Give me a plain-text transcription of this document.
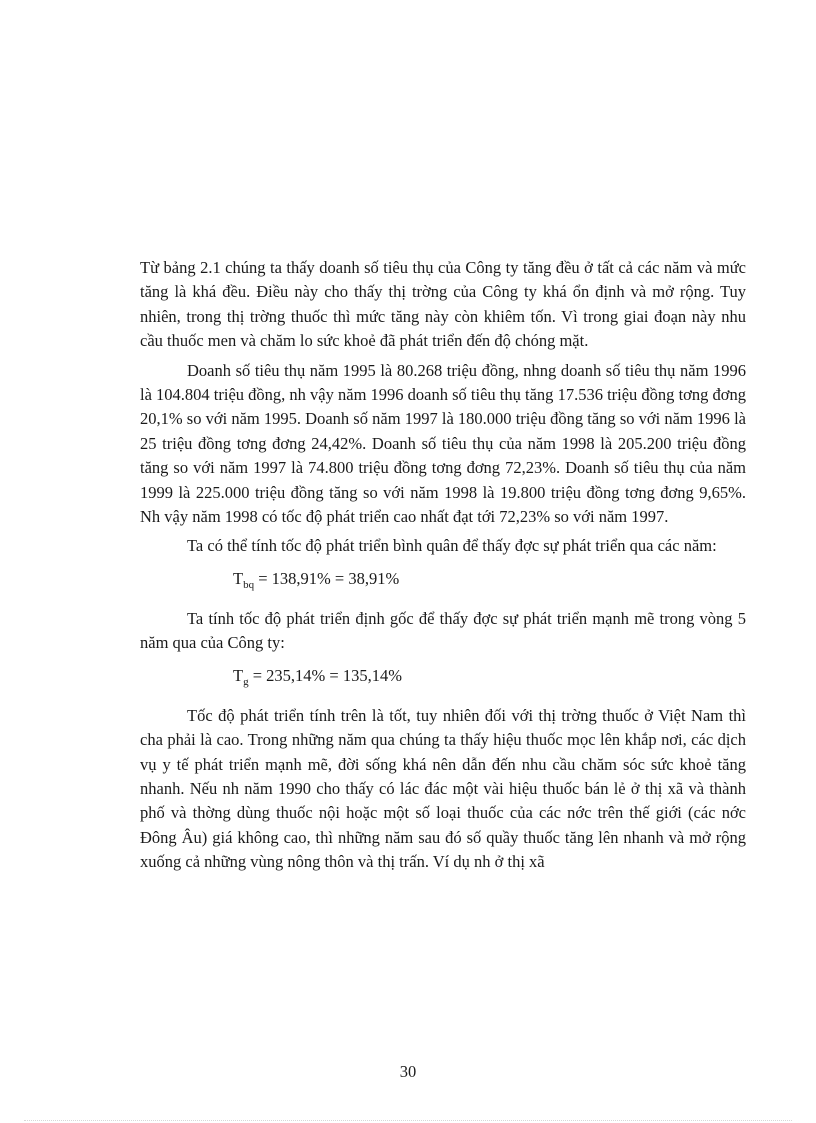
Từ bảng 2.1 chúng ta thấy doanh số tiêu thụ của Công ty tăng đều ở tất cả các năm và mức tăng là khá đều. Điều này cho thấy thị trờng của Công ty khá ổn định và mở rộng. Tuy nhiên, trong thị trờng thuốc thì mức tăng này còn khiêm tốn. Vì trong giai đoạn này nhu cầu thuốc men và chăm lo sức khoẻ đã phát triển đến độ chóng mặt.

Doanh số tiêu thụ năm 1995 là 80.268 triệu đồng, nhng doanh số tiêu thụ năm 1996 là 104.804 triệu đồng, nh vậy năm 1996 doanh số tiêu thụ tăng 17.536 triệu đồng tơng đơng 20,1% so với năm 1995. Doanh số năm 1997 là 180.000 triệu đồng tăng so với năm 1996 là 25 triệu đồng tơng đơng 24,42%. Doanh số tiêu thụ của năm 1998 là 205.200 triệu đồng tăng so với năm 1997 là 74.800 triệu đồng tơng đơng 72,23%. Doanh số tiêu thụ của năm 1999 là 225.000 triệu đồng tăng so với năm 1998 là 19.800 triệu đồng tơng đơng 9,65%. Nh vậy năm 1998 có tốc độ phát triển cao nhất đạt tới 72,23% so với năm 1997.

Ta có thể tính tốc độ phát triển bình quân để thấy đợc sự phát triển qua các năm:

$T_{bq} = 138,91\% = 38,91\%$

Ta tính tốc độ phát triển định gốc để thấy đợc sự phát triển mạnh mẽ trong vòng 5 năm qua của Công ty:

$T_g = 235,14\% = 135,14\%$

Tốc độ phát triển tính trên là tốt, tuy nhiên đối với thị trờng thuốc ở Việt Nam thì cha phải là cao. Trong những năm qua chúng ta thấy hiệu thuốc mọc lên khắp nơi, các dịch vụ y tế phát triển mạnh mẽ, đời sống khá nên dẫn đến nhu cầu chăm sóc sức khoẻ tăng nhanh. Nếu nh năm 1990 cho thấy có lác đác một vài hiệu thuốc bán lẻ ở thị xã và thành phố và thờng dùng thuốc nội hoặc một số loại thuốc của các nớc trên thế giới (các nớc Đông Âu) giá không cao, thì những năm sau đó số quầy thuốc tăng lên nhanh và mở rộng xuống cả những vùng nông thôn và thị trấn. Ví dụ nh ở thị xã

30
